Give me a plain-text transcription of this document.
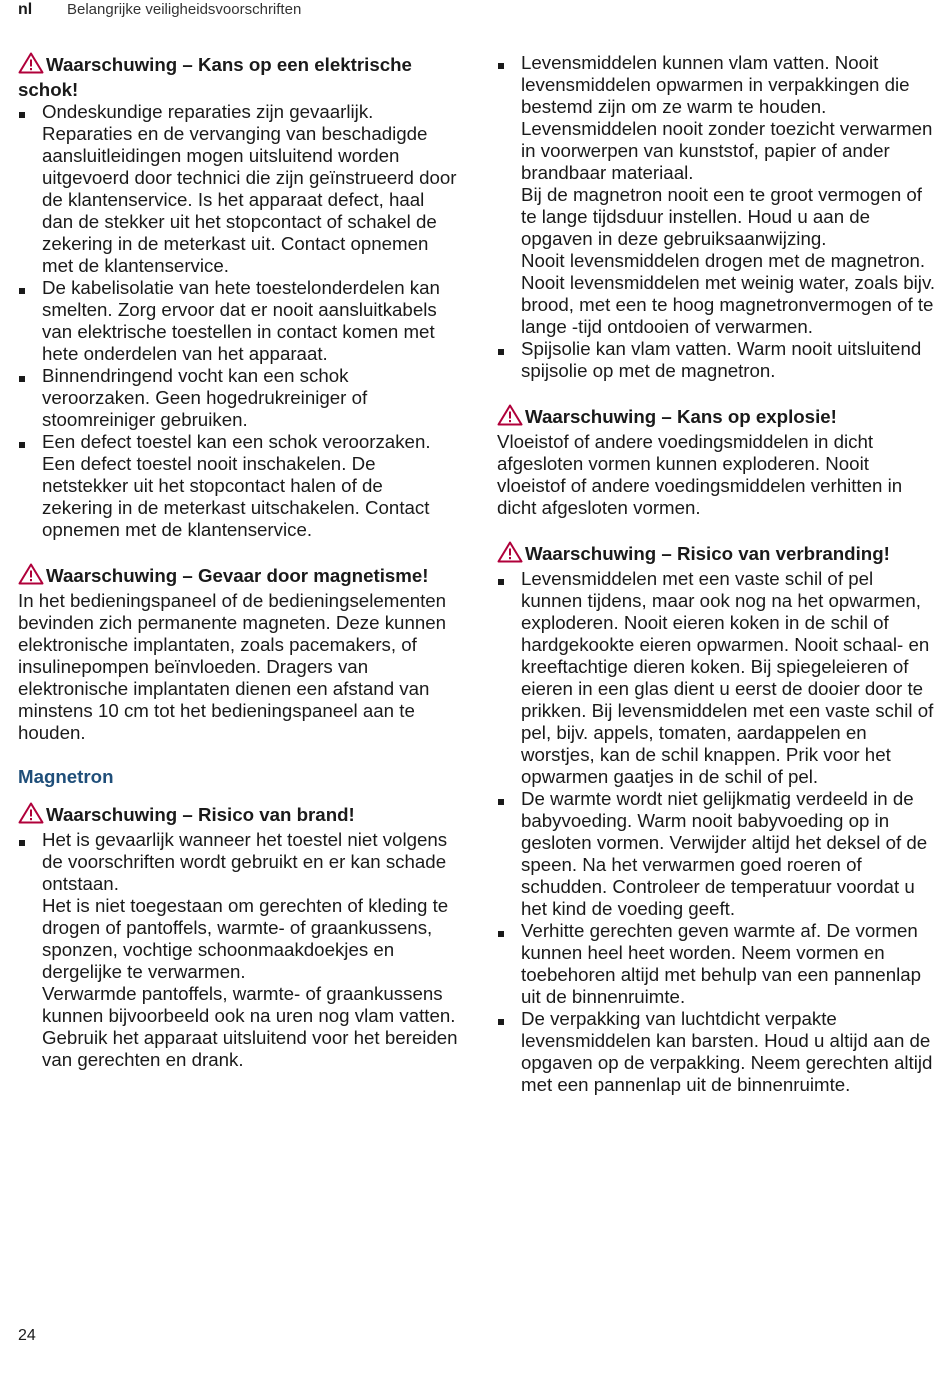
nl Belangrijke veiligheidsvoorschriften

Waarschuwing – Kans op een elektrische schok!

Ondeskundige reparaties zijn gevaarlijk. Reparaties en de vervanging van beschadigde aansluitleidingen mogen uitsluitend worden uitgevoerd door technici die zijn geïnstrueerd door de klantenservice. Is het apparaat defect, haal dan de stekker uit het stopcontact of schakel de zekering in de meterkast uit. Contact opnemen met de klantenservice.
De kabelisolatie van hete toestelonderdelen kan smelten. Zorg ervoor dat er nooit aansluitkabels van elektrische toestellen in contact komen met hete onderdelen van het apparaat.
Binnendringend vocht kan een schok veroorzaken. Geen hogedrukreiniger of stoomreiniger gebruiken.
Een defect toestel kan een schok veroorzaken. Een defect toestel nooit inschakelen. De netstekker uit het stopcontact halen of de zekering in de meterkast uitschakelen. Contact opnemen met de klantenservice.

Waarschuwing – Gevaar door magnetisme!

In het bedieningspaneel of de bedieningselementen bevinden zich permanente magneten. Deze kunnen elektronische implantaten, zoals pacemakers, of insulinepompen beïnvloeden. Dragers van elektronische implantaten dienen een afstand van minstens 10 cm tot het bedieningspaneel aan te houden.

Magnetron

Waarschuwing – Risico van brand!

Het is gevaarlijk wanneer het toestel niet volgens de voorschriften wordt gebruikt en er kan schade ontstaan.

Het is niet toegestaan om gerechten of kleding te drogen of pantoffels, warmte- of graankussens, sponzen, vochtige schoonmaakdoekjes en dergelijke te verwarmen.

Verwarmde pantoffels, warmte- of graankussens kunnen bijvoorbeeld ook na uren nog vlam vatten. Gebruik het apparaat uitsluitend voor het bereiden van gerechten en drank.

Levensmiddelen kunnen vlam vatten. Nooit levensmiddelen opwarmen in verpakkingen die bestemd zijn om ze warm te houden.

Levensmiddelen nooit zonder toezicht verwarmen in voorwerpen van kunststof, papier of ander brandbaar materiaal.

Bij de magnetron nooit een te groot vermogen of te lange tijdsduur instellen. Houd u aan de opgaven in deze gebruiksaanwijzing.

Nooit levensmiddelen drogen met de magnetron.

Nooit levensmiddelen met weinig water, zoals bijv. brood, met een te hoog magnetronvermogen of te lange -tijd ontdooien of verwarmen.

Spijsolie kan vlam vatten. Warm nooit uitsluitend spijsolie op met de magnetron.

Waarschuwing – Kans op explosie!

Vloeistof of andere voedingsmiddelen in dicht afgesloten vormen kunnen exploderen. Nooit vloeistof of andere voedingsmiddelen verhitten in dicht afgesloten vormen.

Waarschuwing – Risico van verbranding!

Levensmiddelen met een vaste schil of pel kunnen tijdens, maar ook nog na het opwarmen, exploderen. Nooit eieren koken in de schil of hardgekookte eieren opwarmen. Nooit schaal- en kreeftachtige dieren koken. Bij spiegeleieren of eieren in een glas dient u eerst de dooier door te prikken. Bij levensmiddelen met een vaste schil of pel, bijv. appels, tomaten, aardappelen en worstjes, kan de schil knappen. Prik voor het opwarmen gaatjes in de schil of pel.
De warmte wordt niet gelijkmatig verdeeld in de babyvoeding. Warm nooit babyvoeding op in gesloten vormen. Verwijder altijd het deksel of de speen. Na het verwarmen goed roeren of schudden. Controleer de temperatuur voordat u het kind de voeding geeft.
Verhitte gerechten geven warmte af. De vormen kunnen heel heet worden. Neem vormen en toebehoren altijd met behulp van een pannenlap uit de binnenruimte.
De verpakking van luchtdicht verpakte levensmiddelen kan barsten. Houd u altijd aan de opgaven op de verpakking. Neem gerechten altijd met een pannenlap uit de binnenruimte.
24
